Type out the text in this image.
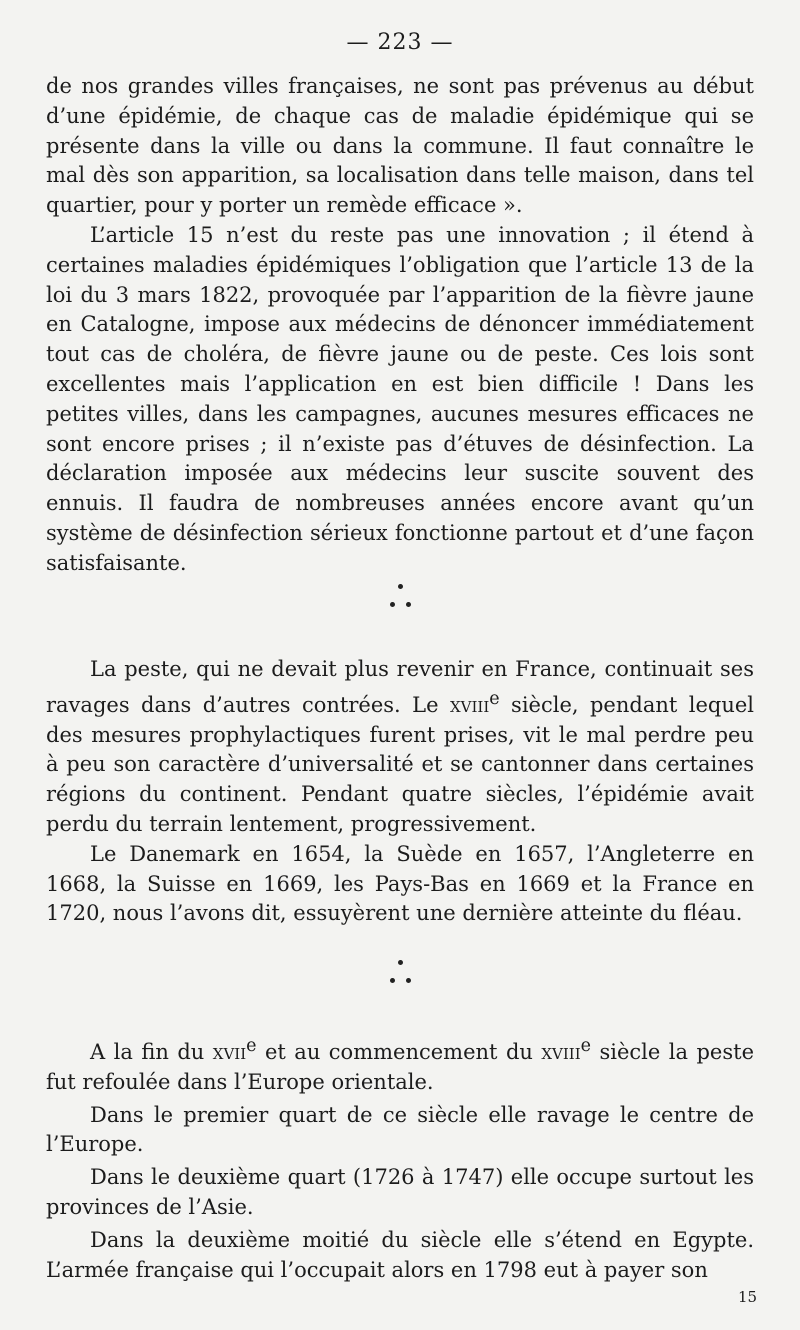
— 223 —

de nos grandes villes françaises, ne sont pas prévenus au début d’une épidémie, de chaque cas de maladie épidémique qui se présente dans la ville ou dans la commune. Il faut connaître le mal dès son apparition, sa localisation dans telle maison, dans tel quartier, pour y porter un remède efficace ».

L’article 15 n’est du reste pas une innovation ; il étend à certaines maladies épidémiques l’obligation que l’article 13 de la loi du 3 mars 1822, provoquée par l’apparition de la fièvre jaune en Catalogne, impose aux médecins de dénoncer immédiatement tout cas de choléra, de fièvre jaune ou de peste. Ces lois sont excellentes mais l’application en est bien difficile ! Dans les petites villes, dans les campagnes, aucunes mesures efficaces ne sont encore prises ; il n’existe pas d’étuves de désinfection. La déclaration imposée aux médecins leur suscite souvent des ennuis. Il faudra de nombreuses années encore avant qu’un système de désinfection sérieux fonctionne partout et d’une façon satisfaisante.

La peste, qui ne devait plus revenir en France, continuait ses ravages dans d’autres contrées. Le xviii$^e$ siècle, pendant lequel des mesures prophylactiques furent prises, vit le mal perdre peu à peu son caractère d’universalité et se cantonner dans certaines régions du continent. Pendant quatre siècles, l’épidémie avait perdu du terrain lentement, progressivement.

Le Danemark en 1654, la Suède en 1657, l’Angleterre en 1668, la Suisse en 1669, les Pays-Bas en 1669 et la France en 1720, nous l’avons dit, essuyèrent une dernière atteinte du fléau.

A la fin du xvii$^e$ et au commencement du xviii$^e$ siècle la peste fut refoulée dans l’Europe orientale.

Dans le premier quart de ce siècle elle ravage le centre de l’Europe.

Dans le deuxième quart (1726 à 1747) elle occupe surtout les provinces de l’Asie.

Dans la deuxième moitié du siècle elle s’étend en Egypte. L’armée française qui l’occupait alors en 1798 eut à payer son

15
